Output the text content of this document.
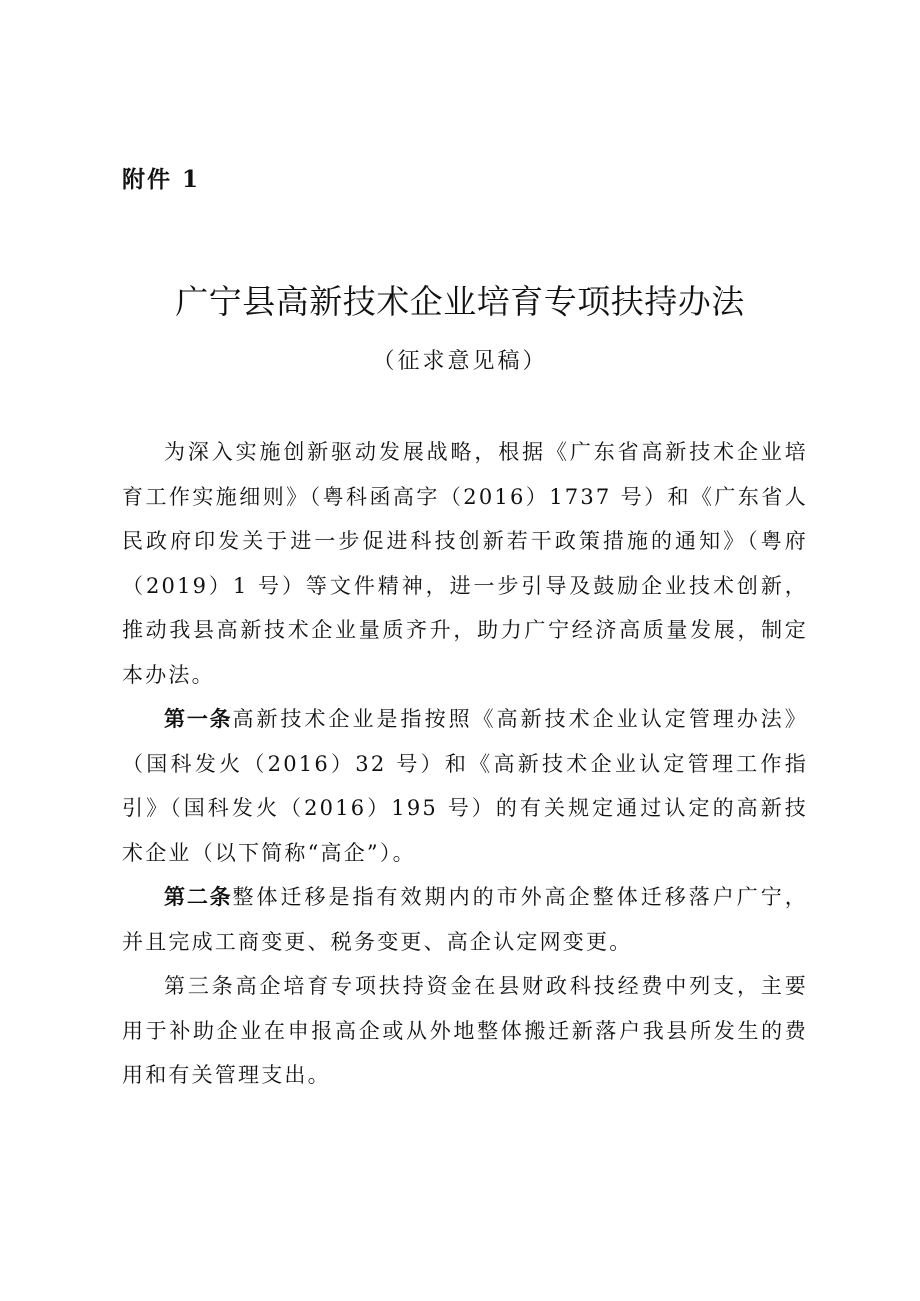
附件 1
广宁县高新技术企业培育专项扶持办法
（征求意见稿）

为深入实施创新驱动发展战略，根据《广东省高新技术企业培育工作实施细则》（粤科函高字（2016）1737 号）和《广东省人民政府印发关于进一步促进科技创新若干政策措施的通知》（粤府（2019）1 号）等文件精神，进一步引导及鼓励企业技术创新，推动我县高新技术企业量质齐升，助力广宁经济高质量发展，制定本办法。

第一条高新技术企业是指按照《高新技术企业认定管理办法》（国科发火（2016）32 号）和《高新技术企业认定管理工作指引》（国科发火（2016）195 号）的有关规定通过认定的高新技术企业（以下简称“高企”）。

第二条整体迁移是指有效期内的市外高企整体迁移落户广宁，并且完成工商变更、税务变更、高企认定网变更。

第三条高企培育专项扶持资金在县财政科技经费中列支，主要用于补助企业在申报高企或从外地整体搬迁新落户我县所发生的费用和有关管理支出。
